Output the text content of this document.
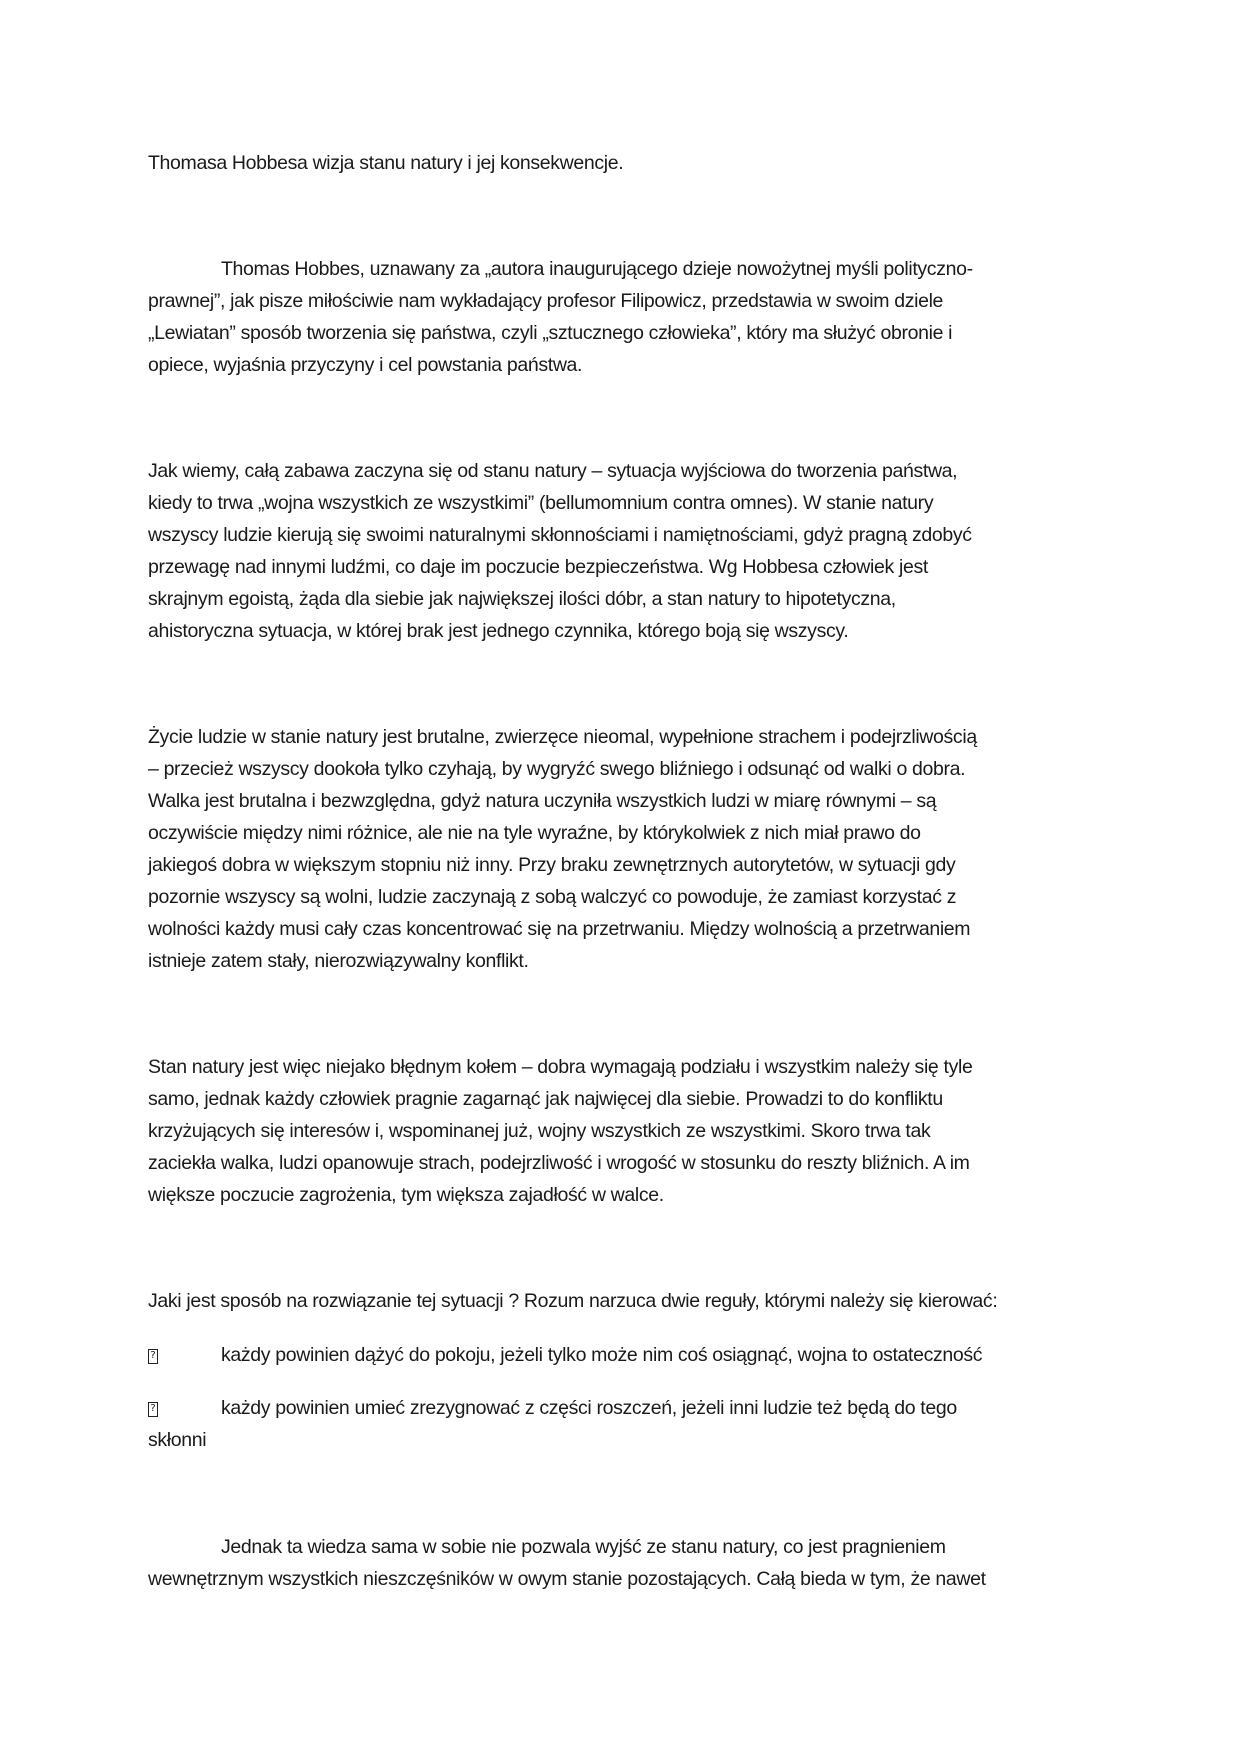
Thomasa Hobbesa wizja stanu natury i jej konsekwencje.
Thomas Hobbes, uznawany za „autora inaugurującego dzieje nowożytnej myśli polityczno-
prawnej”, jak pisze miłościwie nam wykładający profesor Filipowicz, przedstawia w swoim dziele
„Lewiatan” sposób tworzenia się państwa, czyli „sztucznego człowieka”, który ma służyć obronie i
opiece, wyjaśnia przyczyny i cel powstania państwa.
Jak wiemy, całą zabawa zaczyna się od stanu natury – sytuacja wyjściowa do tworzenia państwa,
kiedy to trwa „wojna wszystkich ze wszystkimi” (bellumomnium contra omnes). W stanie natury
wszyscy ludzie kierują się swoimi naturalnymi skłonnościami i namiętnościami, gdyż pragną zdobyć
przewagę nad innymi ludźmi, co daje im poczucie bezpieczeństwa. Wg Hobbesa człowiek jest
skrajnym egoistą, żąda dla siebie jak największej ilości dóbr, a stan natury to hipotetyczna,
ahistoryczna sytuacja, w której brak jest jednego czynnika, którego boją się wszyscy.
Życie ludzie w stanie natury jest brutalne, zwierzęce nieomal, wypełnione strachem i podejrzliwością
– przecież wszyscy dookoła tylko czyhają, by wygryźć swego bliźniego i odsunąć od walki o dobra.
Walka jest brutalna i bezwzględna, gdyż natura uczyniła wszystkich ludzi w miarę równymi – są
oczywiście między nimi różnice, ale nie na tyle wyraźne, by którykolwiek z nich miał prawo do
jakiegoś dobra w większym stopniu niż inny. Przy braku zewnętrznych autorytetów, w sytuacji gdy
pozornie wszyscy są wolni, ludzie zaczynają z sobą walczyć co powoduje, że zamiast korzystać z
wolności każdy musi cały czas koncentrować się na przetrwaniu. Między wolnością a przetrwaniem
istnieje zatem stały, nierozwiązywalny konflikt.
Stan natury jest więc niejako błędnym kołem – dobra wymagają podziału i wszystkim należy się tyle
samo, jednak każdy człowiek pragnie zagarnąć jak najwięcej dla siebie. Prowadzi to do konfliktu
krzyżujących się interesów i, wspominanej już, wojny wszystkich ze wszystkimi. Skoro trwa tak
zaciekła walka, ludzi opanowuje strach, podejrzliwość i wrogość w stosunku do reszty bliźnich. A im
większe poczucie zagrożenia, tym większa zajadłość w walce.
Jaki jest sposób na rozwiązanie tej sytuacji ? Rozum narzuca dwie reguły, którymi należy się kierować:
?	każdy powinien dążyć do pokoju, jeżeli tylko może nim coś osiągnąć, wojna to ostateczność
?	każdy powinien umieć zrezygnować z części roszczeń, jeżeli inni ludzie też będą do tego
skłonni
Jednak ta wiedza sama w sobie nie pozwala wyjść ze stanu natury, co jest pragnieniem
wewnętrznym wszystkich nieszczęśników w owym stanie pozostających. Całą bieda w tym, że nawet
